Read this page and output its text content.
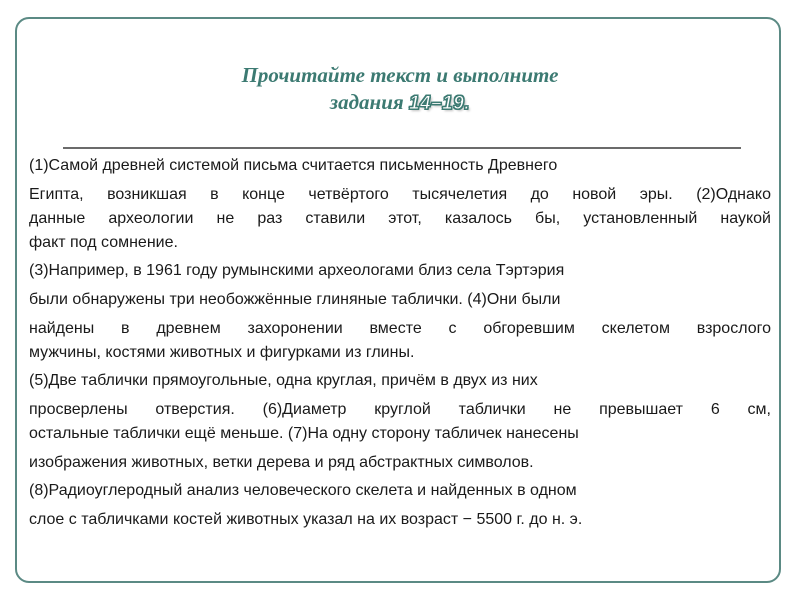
Прочитайте текст и выполните
задания 14–19.
(1)Самой древней системой письма считается письменность Древнего
Египта, возникшая в конце четвёртого тысячелетия до новой эры. (2)Однако
данные археологии не раз ставили этот, казалось бы, установленный наукой
факт под сомнение.
(3)Например, в 1961 году румынскими археологами близ села Тэртэрия
были обнаружены три необожжённые глиняные таблички. (4)Они были
найдены в древнем захоронении вместе с обгоревшим скелетом взрослого
мужчины, костями животных и фигурками из глины.
(5)Две таблички прямоугольные, одна круглая, причём в двух из них
просверлены отверстия. (6)Диаметр круглой таблички не превышает 6 см,
остальные таблички ещё меньше. (7)На одну сторону табличек нанесены
изображения животных, ветки дерева и ряд абстрактных символов.
(8)Радиоуглеродный анализ человеческого скелета и найденных в одном
слое с табличками костей животных указал на их возраст − 5500 г. до н. э.
